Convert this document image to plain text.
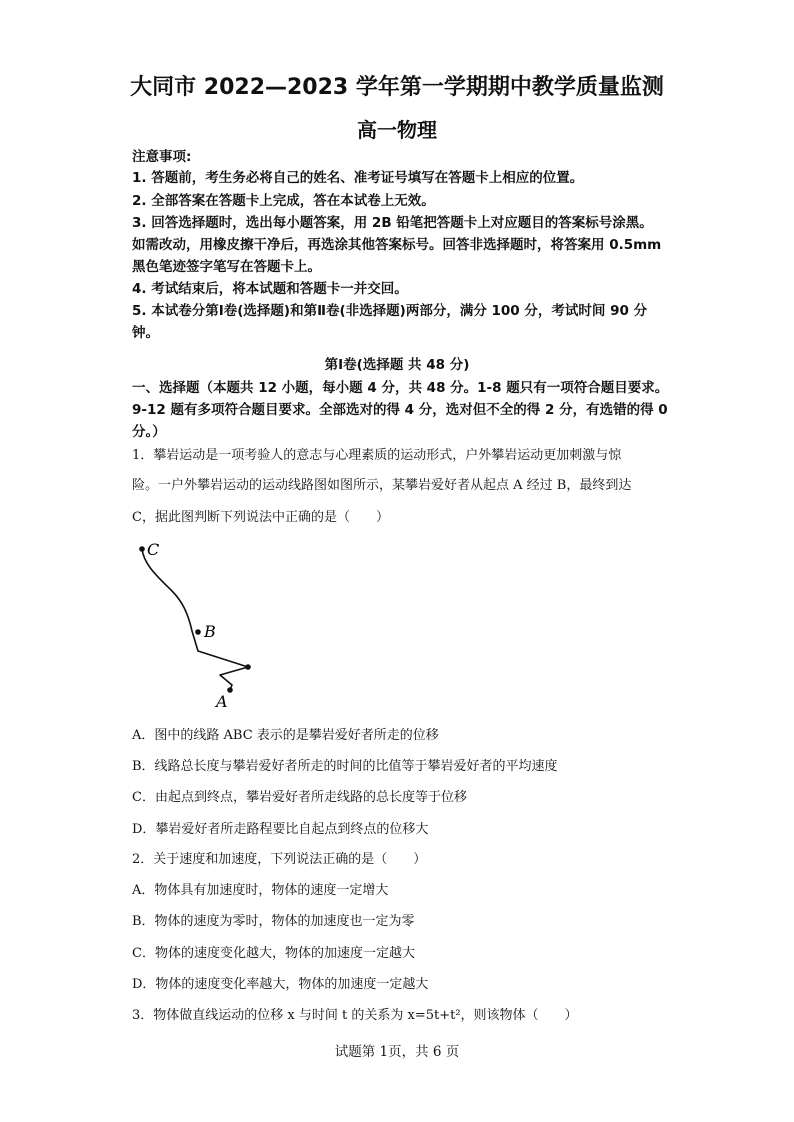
大同市 2022—2023 学年第一学期期中教学质量监测
高一物理
注意事项:
1. 答题前，考生务必将自己的姓名、准考证号填写在答题卡上相应的位置。
2. 全部答案在答题卡上完成，答在本试卷上无效。
3. 回答选择题时，选出每小题答案，用 2B 铅笔把答题卡上对应题目的答案标号涂黑。
如需改动，用橡皮擦干净后，再选涂其他答案标号。回答非选择题时，将答案用 0.5mm
黑色笔迹签字笔写在答题卡上。
4. 考试结束后，将本试题和答题卡一并交回。
5. 本试卷分第Ⅰ卷(选择题)和第Ⅱ卷(非选择题)两部分，满分 100 分，考试时间 90 分
钟。
第Ⅰ卷(选择题 共 48 分)
一、选择题（本题共 12 小题，每小题 4 分，共 48 分。1-8 题只有一项符合题目要求。
9-12 题有多项符合题目要求。全部选对的得 4 分，选对但不全的得 2 分，有选错的得 0
分。）
1．攀岩运动是一项考验人的意志与心理素质的运动形式，户外攀岩运动更加刺激与惊
险。一户外攀岩运动的运动线路图如图所示，某攀岩爱好者从起点 A 经过 B，最终到达
C，据此图判断下列说法中正确的是（　　）
C
B
A
A．图中的线路 ABC 表示的是攀岩爱好者所走的位移
B．线路总长度与攀岩爱好者所走的时间的比值等于攀岩爱好者的平均速度
C．由起点到终点，攀岩爱好者所走线路的总长度等于位移
D．攀岩爱好者所走路程要比自起点到终点的位移大
2．关于速度和加速度，下列说法正确的是（　　）
A．物体具有加速度时，物体的速度一定增大
B．物体的速度为零时，物体的加速度也一定为零
C．物体的速度变化越大，物体的加速度一定越大
D．物体的速度变化率越大，物体的加速度一定越大
3．物体做直线运动的位移 x 与时间 t 的关系为 x=5t+t²，则该物体（　　）
试题第 1页，共 6 页
